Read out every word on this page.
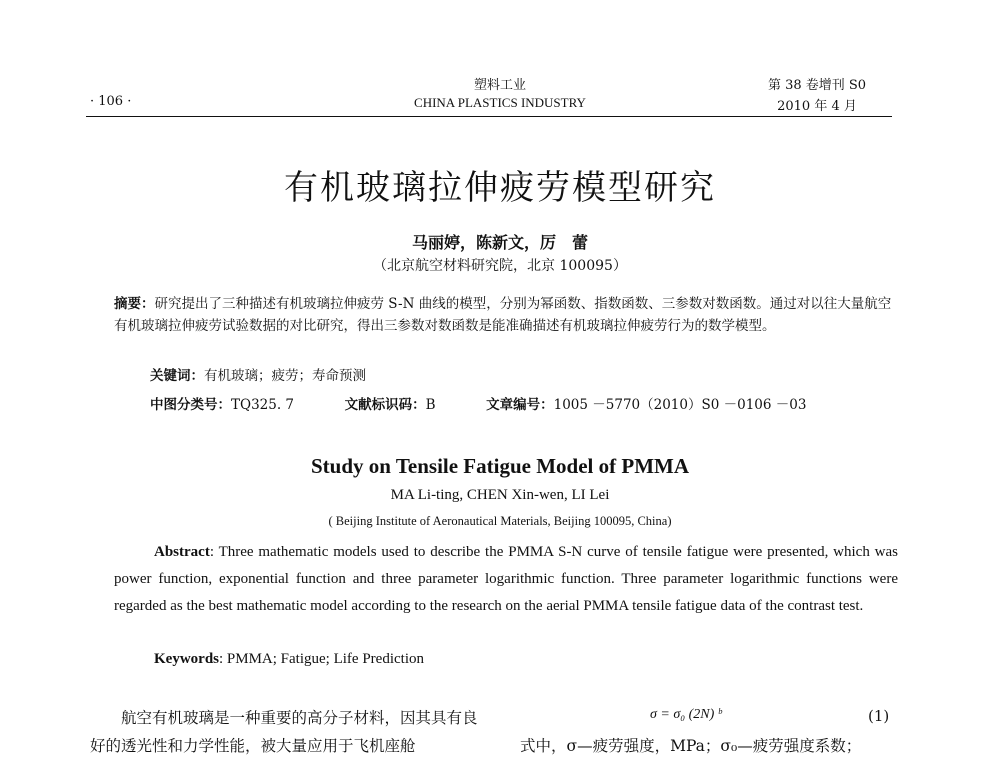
· 106 ·
塑料工业
CHINA PLASTICS INDUSTRY
第 38 卷增刊 S0
2010 年 4 月
有机玻璃拉伸疲劳模型研究
马丽婷，陈新文，厉　蕾
（北京航空材料研究院，北京 100095）
摘要：研究提出了三种描述有机玻璃拉伸疲劳 S-N 曲线的模型，分别为幂函数、指数函数、三参数对数函数。通过对以往大量航空有机玻璃拉伸疲劳试验数据的对比研究，得出三参数对数函数是能准确描述有机玻璃拉伸疲劳行为的数学模型。
关键词：有机玻璃；疲劳；寿命预测
中图分类号：TQ325. 7	文献标识码：B	文章编号：1005 －5770（2010）S0 －0106 －03
Study on Tensile Fatigue Model of PMMA
MA Li-ting, CHEN Xin-wen, LI Lei
( Beijing Institute of Aeronautical Materials, Beijing 100095, China)
Abstract: Three mathematic models used to describe the PMMA S-N curve of tensile fatigue were presented, which was power function, exponential function and three parameter logarithmic function. Three parameter logarithmic functions were regarded as the best mathematic model according to the research on the aerial PMMA tensile fatigue data of the contrast test.
Keywords: PMMA; Fatigue; Life Prediction
航空有机玻璃是一种重要的高分子材料，因其具有良好的透光性和力学性能，被大量应用于飞机座舱
σ = σ₀ (2N) ᵇ	(1)
式中，σ—疲劳强度，MPa；σ₀—疲劳强度系数；
